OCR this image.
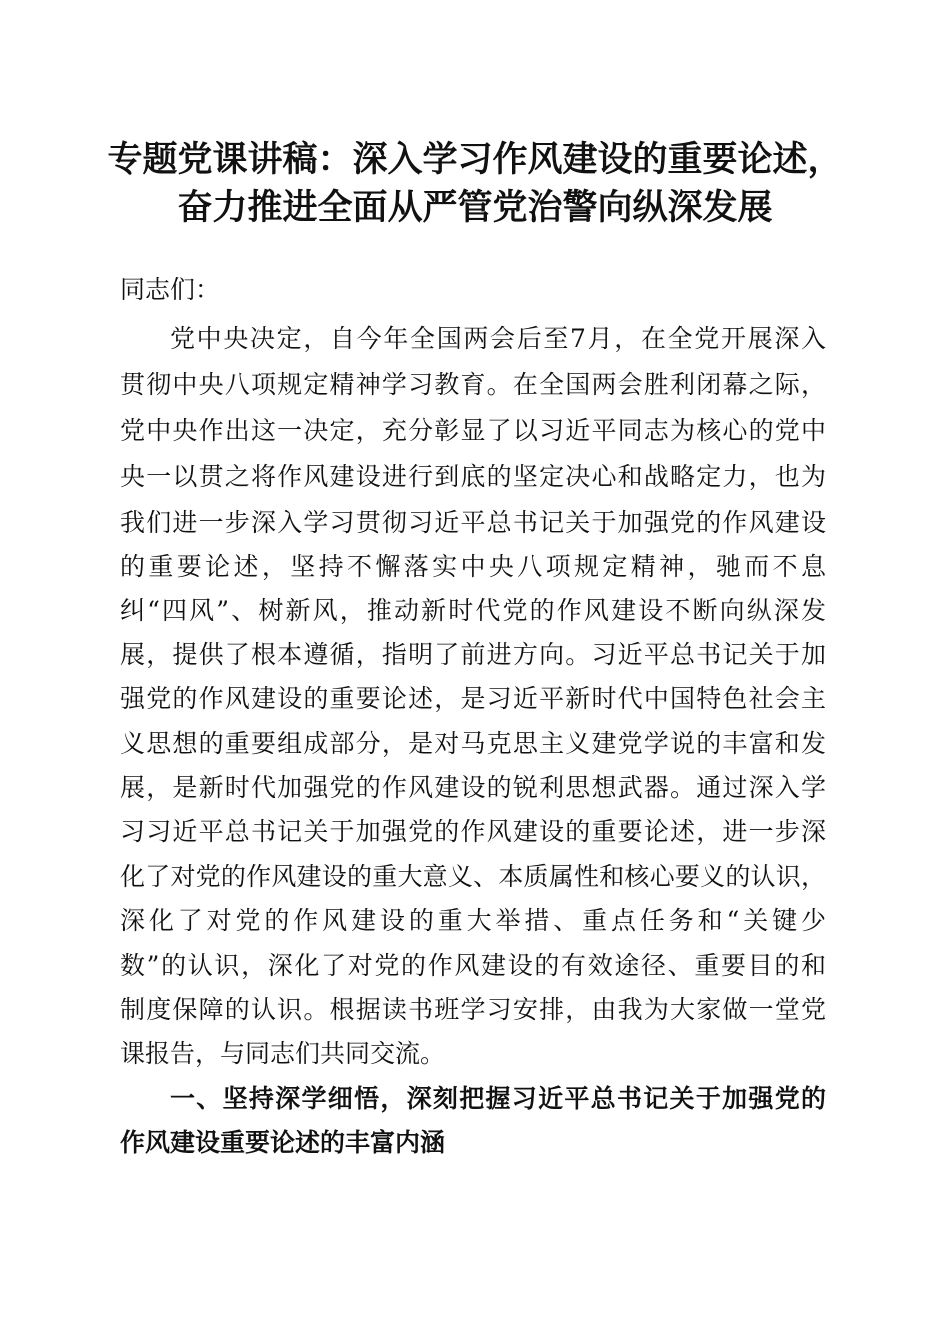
专题党课讲稿：深入学习作风建设的重要论述，
奋力推进全面从严管党治警向纵深发展
同志们：
党中央决定，自今年全国两会后至7月，在全党开展深入
贯彻中央八项规定精神学习教育。在全国两会胜利闭幕之际，
党中央作出这一决定，充分彰显了以习近平同志为核心的党中
央一以贯之将作风建设进行到底的坚定决心和战略定力，也为
我们进一步深入学习贯彻习近平总书记关于加强党的作风建设
的重要论述，坚持不懈落实中央八项规定精神，驰而不息
纠“四风”、树新风，推动新时代党的作风建设不断向纵深发
展，提供了根本遵循，指明了前进方向。习近平总书记关于加
强党的作风建设的重要论述，是习近平新时代中国特色社会主
义思想的重要组成部分，是对马克思主义建党学说的丰富和发
展，是新时代加强党的作风建设的锐利思想武器。通过深入学
习习近平总书记关于加强党的作风建设的重要论述，进一步深
化了对党的作风建设的重大意义、本质属性和核心要义的认识，
深化了对党的作风建设的重大举措、重点任务和“关键少
数”的认识，深化了对党的作风建设的有效途径、重要目的和
制度保障的认识。根据读书班学习安排，由我为大家做一堂党
课报告，与同志们共同交流。
一、坚持深学细悟，深刻把握习近平总书记关于加强党的
作风建设重要论述的丰富内涵
